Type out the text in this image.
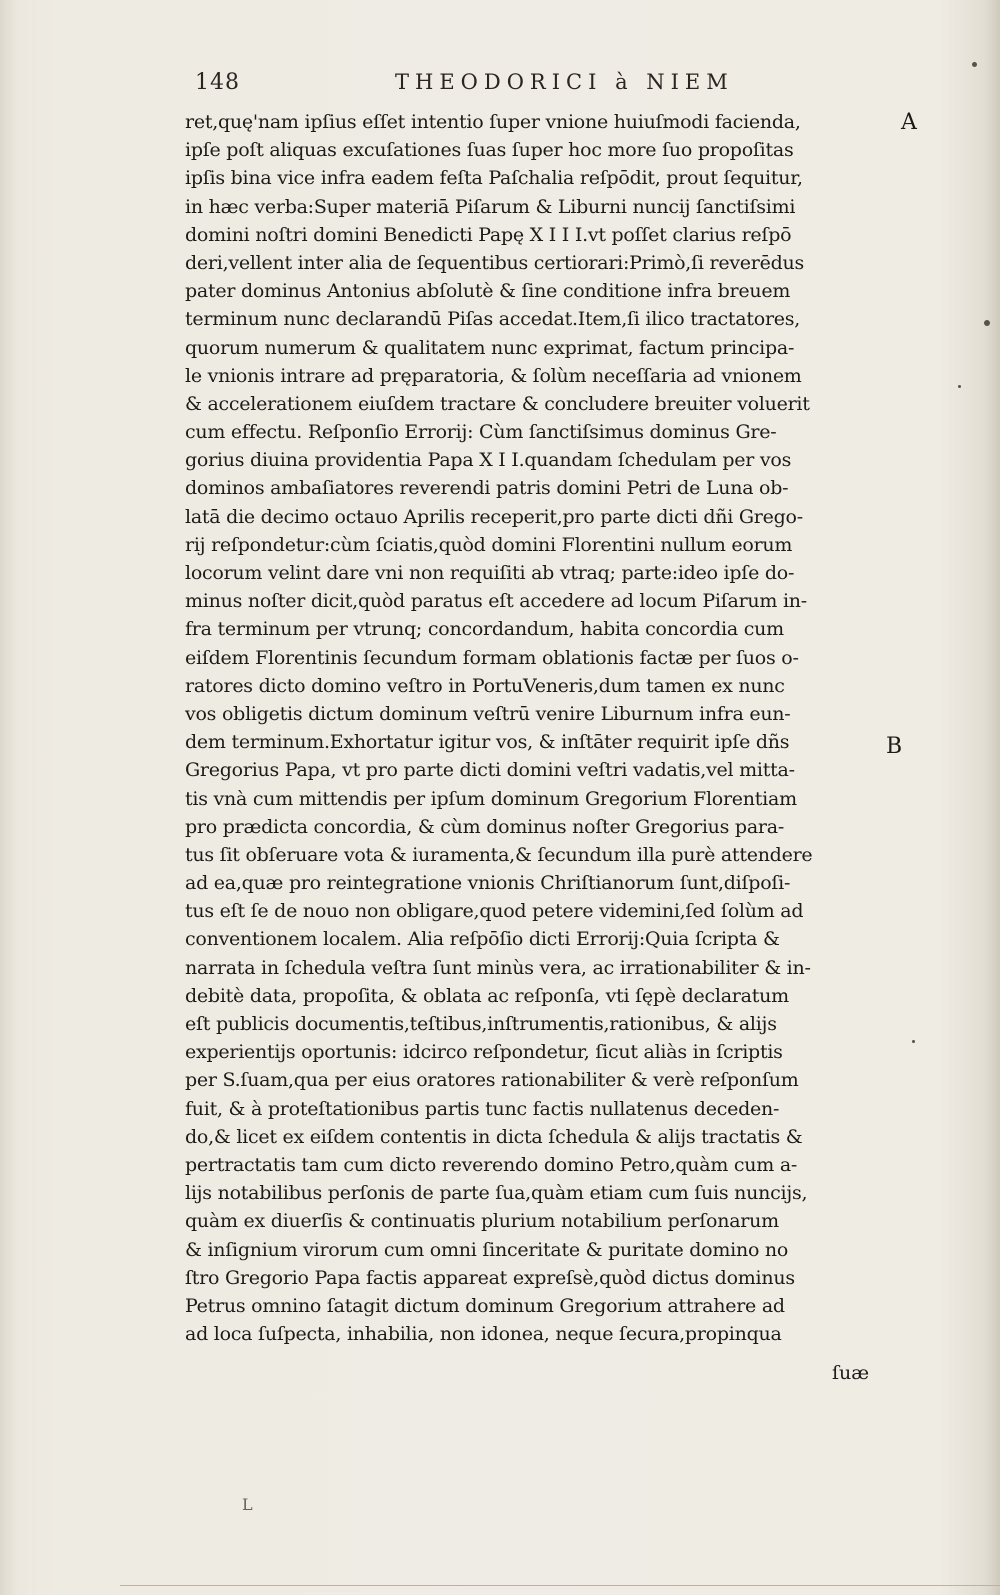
148	THEODORICI à NIEM
A
B
ret,quę'nam ipſius eſſet intentio ſuper vnione huiuſmodi facienda,
ipſe poſt aliquas excuſationes ſuas ſuper hoc more ſuo propoſitas
ipſis bina vice infra eadem feſta Paſchalia reſpōdit, prout ſequitur,
in hæc verba:Super materiā Piſarum & Liburni nuncij ſanctiſsimi
domini noſtri domini Benedicti Papę X I I I.vt poſſet clarius reſpō
deri,vellent inter alia de ſequentibus certiorari:Primò,ſi reverēdus
pater dominus Antonius abſolutè & ſine conditione infra breuem
terminum nunc declarandū Piſas accedat.Item,ſi ilico tractatores,
quorum numerum & qualitatem nunc exprimat, factum principa-
le vnionis intrare ad pręparatoria, & ſolùm neceſſaria ad vnionem
& accelerationem eiuſdem tractare & concludere breuiter voluerit
cum effectu. Reſponſio Errorij: Cùm ſanctiſsimus dominus Gre-
gorius diuina providentia Papa X I I.quandam ſchedulam per vos
dominos ambaſiatores reverendi patris domini Petri de Luna ob-
latā die decimo octauo Aprilis receperit,pro parte dicti dñi Grego-
rij reſpondetur:cùm ſciatis,quòd domini Florentini nullum eorum
locorum velint dare vni non requiſiti ab vtraq; parte:ideo ipſe do-
minus noſter dicit,quòd paratus eſt accedere ad locum Piſarum in-
fra terminum per vtrunq; concordandum, habita concordia cum
eiſdem Florentinis ſecundum formam oblationis factæ per ſuos o-
ratores dicto domino veſtro in PortuVeneris,dum tamen ex nunc
vos obligetis dictum dominum veſtrū venire Liburnum infra eun-
dem terminum.Exhortatur igitur vos, & inſtāter requirit ipſe dñs
Gregorius Papa, vt pro parte dicti domini veſtri vadatis,vel mitta-
tis vnà cum mittendis per ipſum dominum Gregorium Florentiam
pro prædicta concordia, & cùm dominus noſter Gregorius para-
tus ſit obſeruare vota & iuramenta,& ſecundum illa purè attendere
ad ea,quæ pro reintegratione vnionis Chriſtianorum ſunt,diſpoſi-
tus eſt ſe de nouo non obligare,quod petere videmini,ſed ſolùm ad
conventionem localem. Alia reſpōſio dicti Errorij:Quia ſcripta &
narrata in ſchedula veſtra ſunt minùs vera, ac irrationabiliter & in-
debitè data, propoſita, & oblata ac reſponſa, vti ſępè declaratum
eſt publicis documentis,teſtibus,inſtrumentis,rationibus, & alijs
experientijs oportunis: idcirco reſpondetur, ſicut aliàs in ſcriptis
per S.ſuam,qua per eius oratores rationabiliter & verè reſponſum
fuit, & à proteſtationibus partis tunc factis nullatenus deceden-
do,& licet ex eiſdem contentis in dicta ſchedula & alijs tractatis &
pertractatis tam cum dicto reverendo domino Petro,quàm cum a-
lijs notabilibus perſonis de parte ſua,quàm etiam cum ſuis nuncijs,
quàm ex diuerſis & continuatis plurium notabilium perſonarum
& inſignium virorum cum omni ſinceritate & puritate domino no
ſtro Gregorio Papa factis appareat expreſsè,quòd dictus dominus
Petrus omnino ſatagit dictum dominum Gregorium attrahere ad
ad loca ſuſpecta, inhabilia, non idonea, neque ſecura,propinqua
ſuæ
L
